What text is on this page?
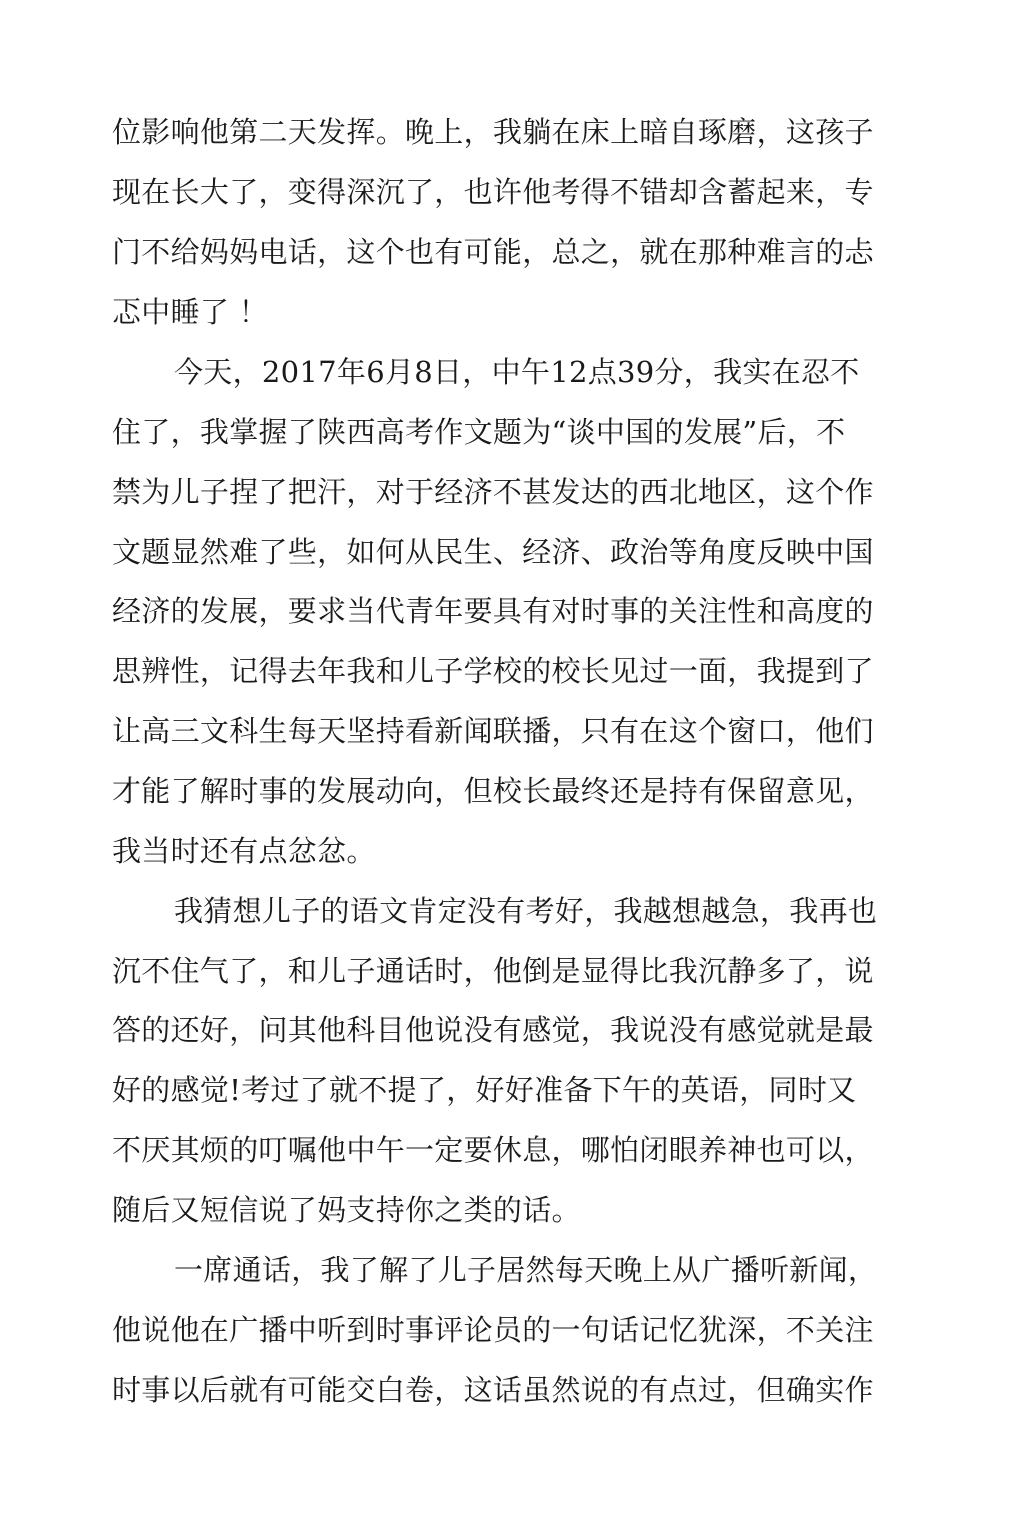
位影响他第二天发挥。晚上，我躺在床上暗自琢磨，这孩子
现在长大了，变得深沉了，也许他考得不错却含蓄起来，专
门不给妈妈电话，这个也有可能，总之，就在那种难言的忐
忑中睡了 ！
今天，2017年6月8日，中午12点39分，我实在忍不
住了，我掌握了陕西高考作文题为“谈中国的发展”后，不
禁为儿子捏了把汗，对于经济不甚发达的西北地区，这个作
文题显然难了些，如何从民生、经济、政治等角度反映中国
经济的发展，要求当代青年要具有对时事的关注性和高度的
思辨性，记得去年我和儿子学校的校长见过一面，我提到了
让高三文科生每天坚持看新闻联播，只有在这个窗口，他们
才能了解时事的发展动向，但校长最终还是持有保留意见，
我当时还有点忿忿。
我猜想儿子的语文肯定没有考好，我越想越急，我再也
沉不住气了，和儿子通话时，他倒是显得比我沉静多了，说
答的还好，问其他科目他说没有感觉，我说没有感觉就是最
好的感觉!考过了就不提了，好好准备下午的英语，同时又
不厌其烦的叮嘱他中午一定要休息，哪怕闭眼养神也可以，
随后又短信说了妈支持你之类的话。
一席通话，我了解了儿子居然每天晚上从广播听新闻，
他说他在广播中听到时事评论员的一句话记忆犹深，不关注
时事以后就有可能交白卷，这话虽然说的有点过，但确实作
